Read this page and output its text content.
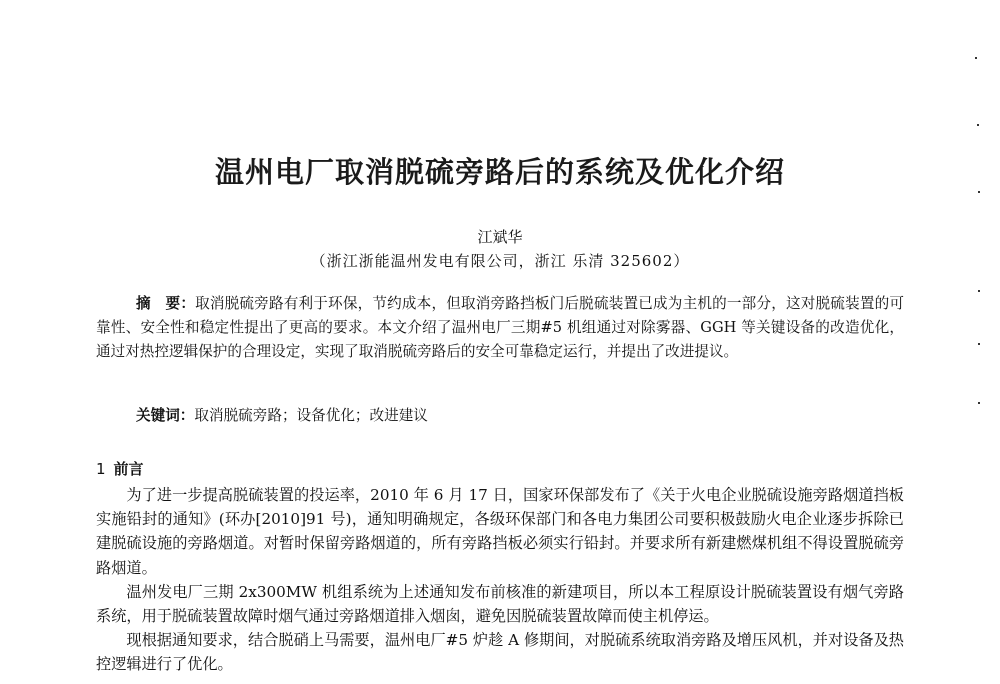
温州电厂取消脱硫旁路后的系统及优化介绍
江斌华
（浙江浙能温州发电有限公司，浙江 乐清 325602）
摘　要：取消脱硫旁路有利于环保，节约成本，但取消旁路挡板门后脱硫装置已成为主机的一部分，这对脱硫装置的可靠性、安全性和稳定性提出了更高的要求。本文介绍了温州电厂三期#5 机组通过对除雾器、GGH 等关键设备的改造优化，通过对热控逻辑保护的合理设定，实现了取消脱硫旁路后的安全可靠稳定运行，并提出了改进提议。
关键词：取消脱硫旁路；设备优化；改进建议
1 前言

为了进一步提高脱硫装置的投运率，2010 年 6 月 17 日，国家环保部发布了《关于火电企业脱硫设施旁路烟道挡板实施铅封的通知》(环办[2010]91 号)，通知明确规定，各级环保部门和各电力集团公司要积极鼓励火电企业逐步拆除已建脱硫设施的旁路烟道。对暂时保留旁路烟道的，所有旁路挡板必须实行铅封。并要求所有新建燃煤机组不得设置脱硫旁路烟道。

温州发电厂三期 2x300MW 机组系统为上述通知发布前核准的新建项目，所以本工程原设计脱硫装置设有烟气旁路系统，用于脱硫装置故障时烟气通过旁路烟道排入烟囱，避免因脱硫装置故障而使主机停运。

现根据通知要求，结合脱硝上马需要，温州电厂#5 炉趁 A 修期间，对脱硫系统取消旁路及增压风机，并对设备及热控逻辑进行了优化。
